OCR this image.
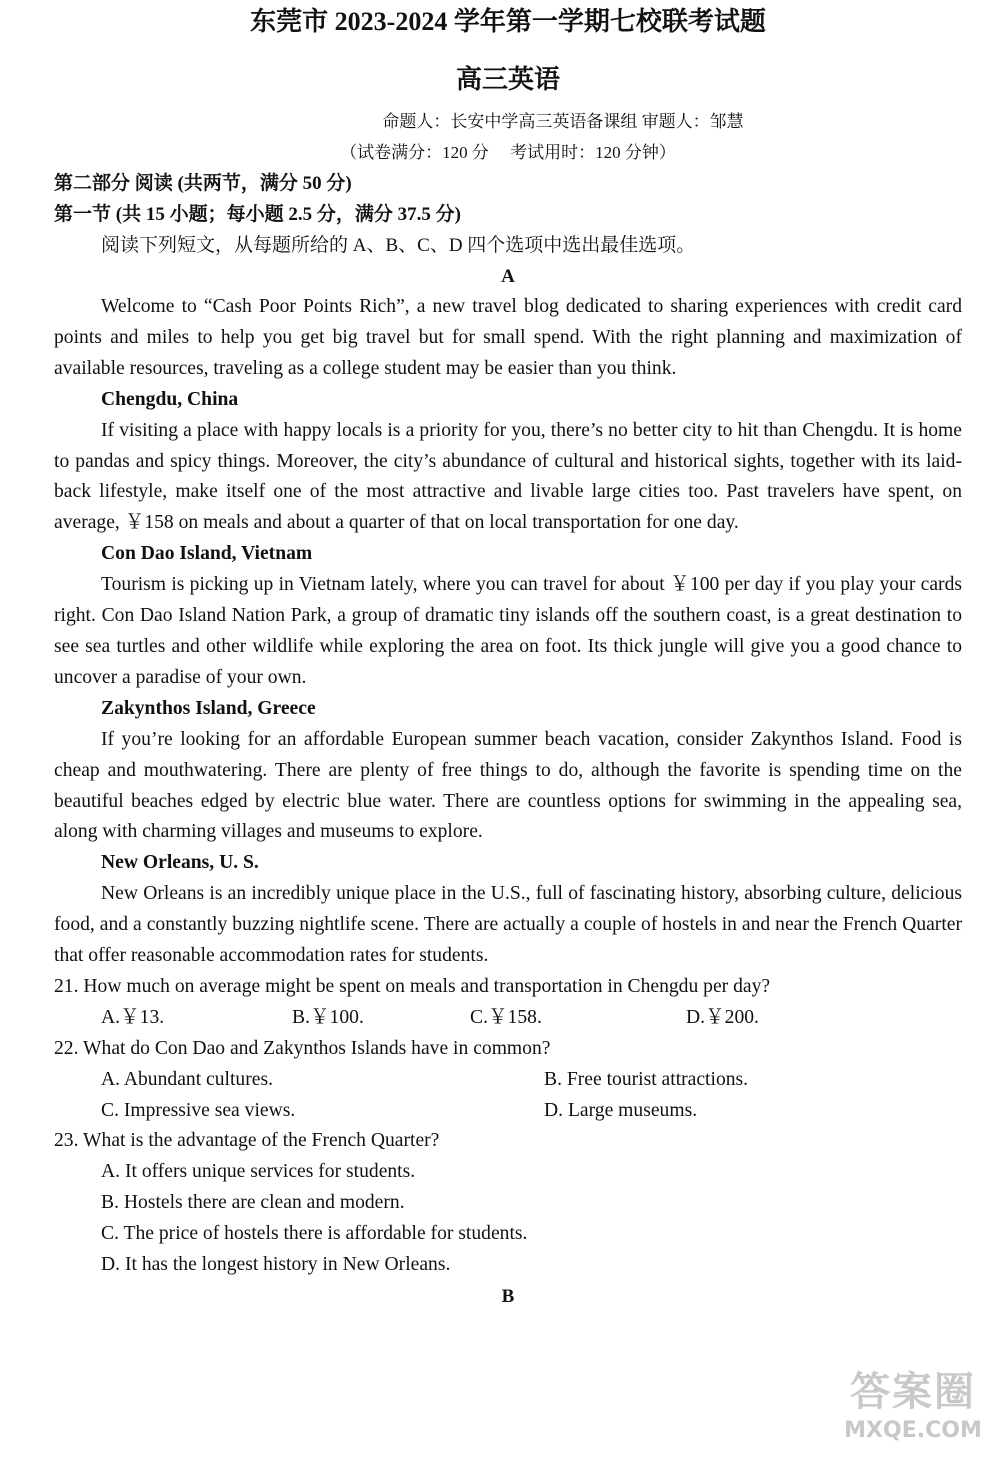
东莞市 2023-2024 学年第一学期七校联考试题
高三英语
命题人：长安中学高三英语备课组 审题人：邹慧
（试卷满分：120 分　 考试用时：120 分钟）
第二部分 阅读 (共两节，满分 50 分)
第一节 (共 15 小题；每小题 2.5 分，满分 37.5 分)
阅读下列短文，从每题所给的 A、B、C、D 四个选项中选出最佳选项。
A

Welcome to “Cash Poor Points Rich”, a new travel blog dedicated to sharing experiences with credit card points and miles to help you get big travel but for small spend. With the right planning and maximization of available resources, traveling as a college student may be easier than you think.

Chengdu, China

If visiting a place with happy locals is a priority for you, there’s no better city to hit than Chengdu. It is home to pandas and spicy things. Moreover, the city’s abundance of cultural and historical sights, together with its laid-back lifestyle, make itself one of the most attractive and livable large cities too. Past travelers have spent, on average, ￥158 on meals and about a quarter of that on local transportation for one day.

Con Dao Island, Vietnam

Tourism is picking up in Vietnam lately, where you can travel for about ￥100 per day if you play your cards right. Con Dao Island Nation Park, a group of dramatic tiny islands off the southern coast, is a great destination to see sea turtles and other wildlife while exploring the area on foot. Its thick jungle will give you a good chance to uncover a paradise of your own.

Zakynthos Island, Greece

If you’re looking for an affordable European summer beach vacation, consider Zakynthos Island. Food is cheap and mouthwatering. There are plenty of free things to do, although the favorite is spending time on the beautiful beaches edged by electric blue water. There are countless options for swimming in the appealing sea, along with charming villages and museums to explore.

New Orleans, U. S.

New Orleans is an incredibly unique place in the U.S., full of fascinating history, absorbing culture, delicious food, and a constantly buzzing nightlife scene. There are actually a couple of hostels in and near the French Quarter that offer reasonable accommodation rates for students.

21. How much on average might be spent on meals and transportation in Chengdu per day?
A.￥13.	B.￥100.	C.￥158.	D.￥200.
22. What do Con Dao and Zakynthos Islands have in common?
A. Abundant cultures.	B. Free tourist attractions.
C. Impressive sea views.	D. Large museums.
23. What is the advantage of the French Quarter?
A. It offers unique services for students.
B. Hostels there are clean and modern.
C. The price of hostels there is affordable for students.
D. It has the longest history in New Orleans.
B
答案圈
MXQE.COM
